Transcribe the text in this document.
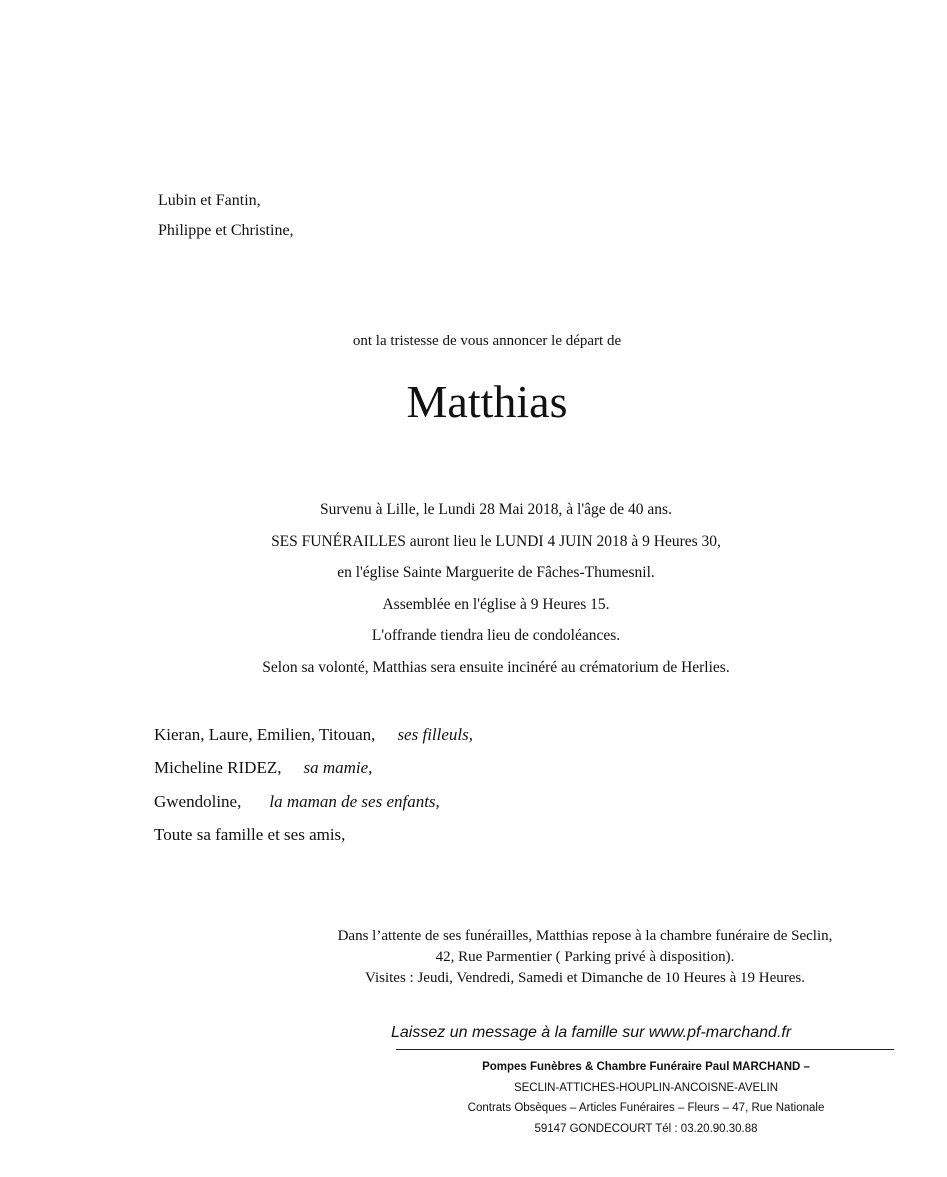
Lubin et Fantin,
Philippe et Christine,
ont la tristesse de vous annoncer le départ de
Matthias
Survenu à Lille, le Lundi 28 Mai 2018, à l'âge de 40 ans.
SES FUNÉRAILLES auront lieu le LUNDI 4 JUIN 2018 à 9 Heures 30,
en l'église Sainte Marguerite de Fâches-Thumesnil.
Assemblée en l'église à 9 Heures 15.
L'offrande tiendra lieu de condoléances.
Selon sa volonté, Matthias sera ensuite incinéré au crématorium de Herlies.
Kieran, Laure, Emilien, Titouan, ses filleuls,
Micheline RIDEZ, sa mamie,
Gwendoline, la maman de ses enfants,
Toute sa famille et ses amis,
Dans l’attente de ses funérailles, Matthias repose à la chambre funéraire de Seclin,
42, Rue Parmentier ( Parking privé à disposition).
Visites : Jeudi, Vendredi, Samedi et Dimanche de 10 Heures à 19 Heures.
Laissez un message à la famille sur www.pf-marchand.fr
Pompes Funèbres & Chambre Funéraire Paul MARCHAND –
SECLIN-ATTICHES-HOUPLIN-ANCOISNE-AVELIN
Contrats Obsèques – Articles Funéraires – Fleurs – 47, Rue Nationale
59147 GONDECOURT Tél : 03.20.90.30.88
